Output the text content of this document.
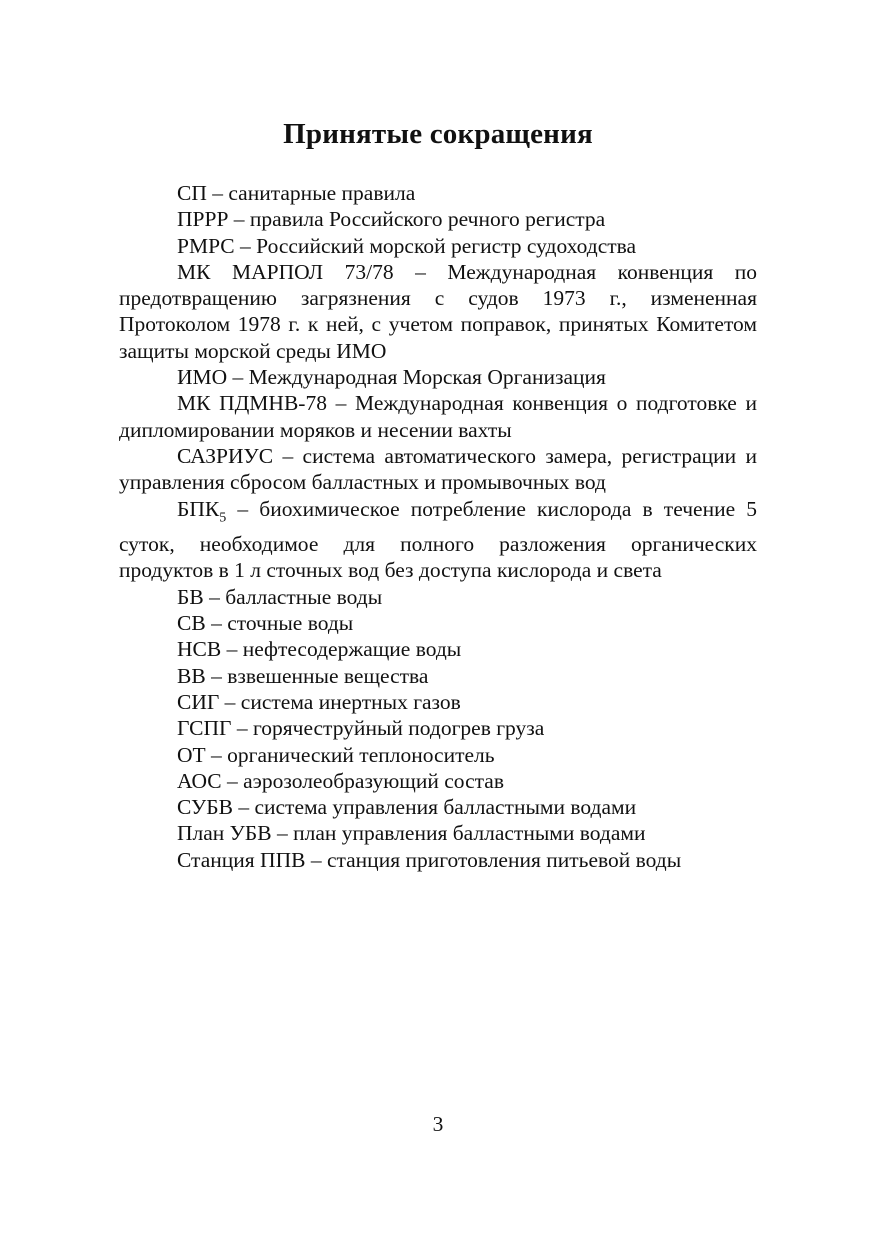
Принятые сокращения

СП – санитарные правила

ПРРР – правила Российского речного регистра

РМРС – Российский морской регистр судоходства

МК МАРПОЛ 73/78 – Международная конвенция по предотвращению загрязнения с судов 1973 г., измененная Протоколом 1978 г. к ней, с учетом поправок, принятых Комитетом защиты морской среды ИМО

ИМО – Международная Морская Организация

МК ПДМНВ-78 – Международная конвенция о подготовке и дипломировании моряков и несении вахты

САЗРИУС – система автоматического замера, регистрации и управления сбросом балластных и промывочных вод

$БПК_5$ – биохимическое потребление кислорода в течение 5 суток, необходимое для полного разложения органических продуктов в 1 л сточных вод без доступа кислорода и света

БВ – балластные воды

СВ – сточные воды

НСВ – нефтесодержащие воды

ВВ – взвешенные вещества

СИГ – система инертных газов

ГСПГ – горячеструйный подогрев груза

ОТ – органический теплоноситель

АОС – аэрозолеобразующий состав

СУБВ – система управления балластными водами

План УБВ – план управления балластными водами

Станция ППВ – станция приготовления питьевой воды

3
